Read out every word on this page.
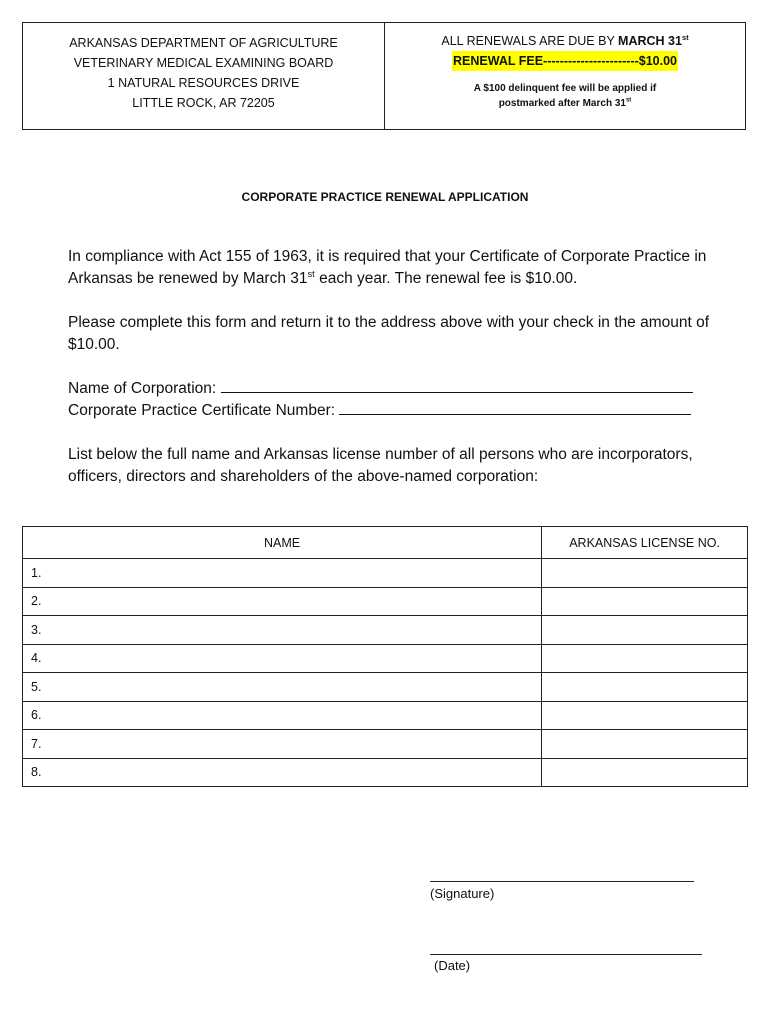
ARKANSAS DEPARTMENT OF AGRICULTURE
VETERINARY MEDICAL EXAMINING BOARD
1 NATURAL RESOURCES DRIVE
LITTLE ROCK, AR 72205
ALL RENEWALS ARE DUE BY MARCH 31st
RENEWAL FEE-----------------------$10.00
A $100 delinquent fee will be applied if
postmarked after March 31st
CORPORATE PRACTICE RENEWAL APPLICATION
In compliance with Act 155 of 1963, it is required that your Certificate of Corporate Practice in Arkansas be renewed by March 31st each year. The renewal fee is $10.00.
Please complete this form and return it to the address above with your check in the amount of $10.00.
Name of Corporation:
Corporate Practice Certificate Number:
List below the full name and Arkansas license number of all persons who are incorporators, officers, directors and shareholders of the above-named corporation:
NAME	ARKANSAS LICENSE NO.
1.	
2.	
3.	
4.	
5.	
6.	
7.	
8.	
(Signature)
(Date)
